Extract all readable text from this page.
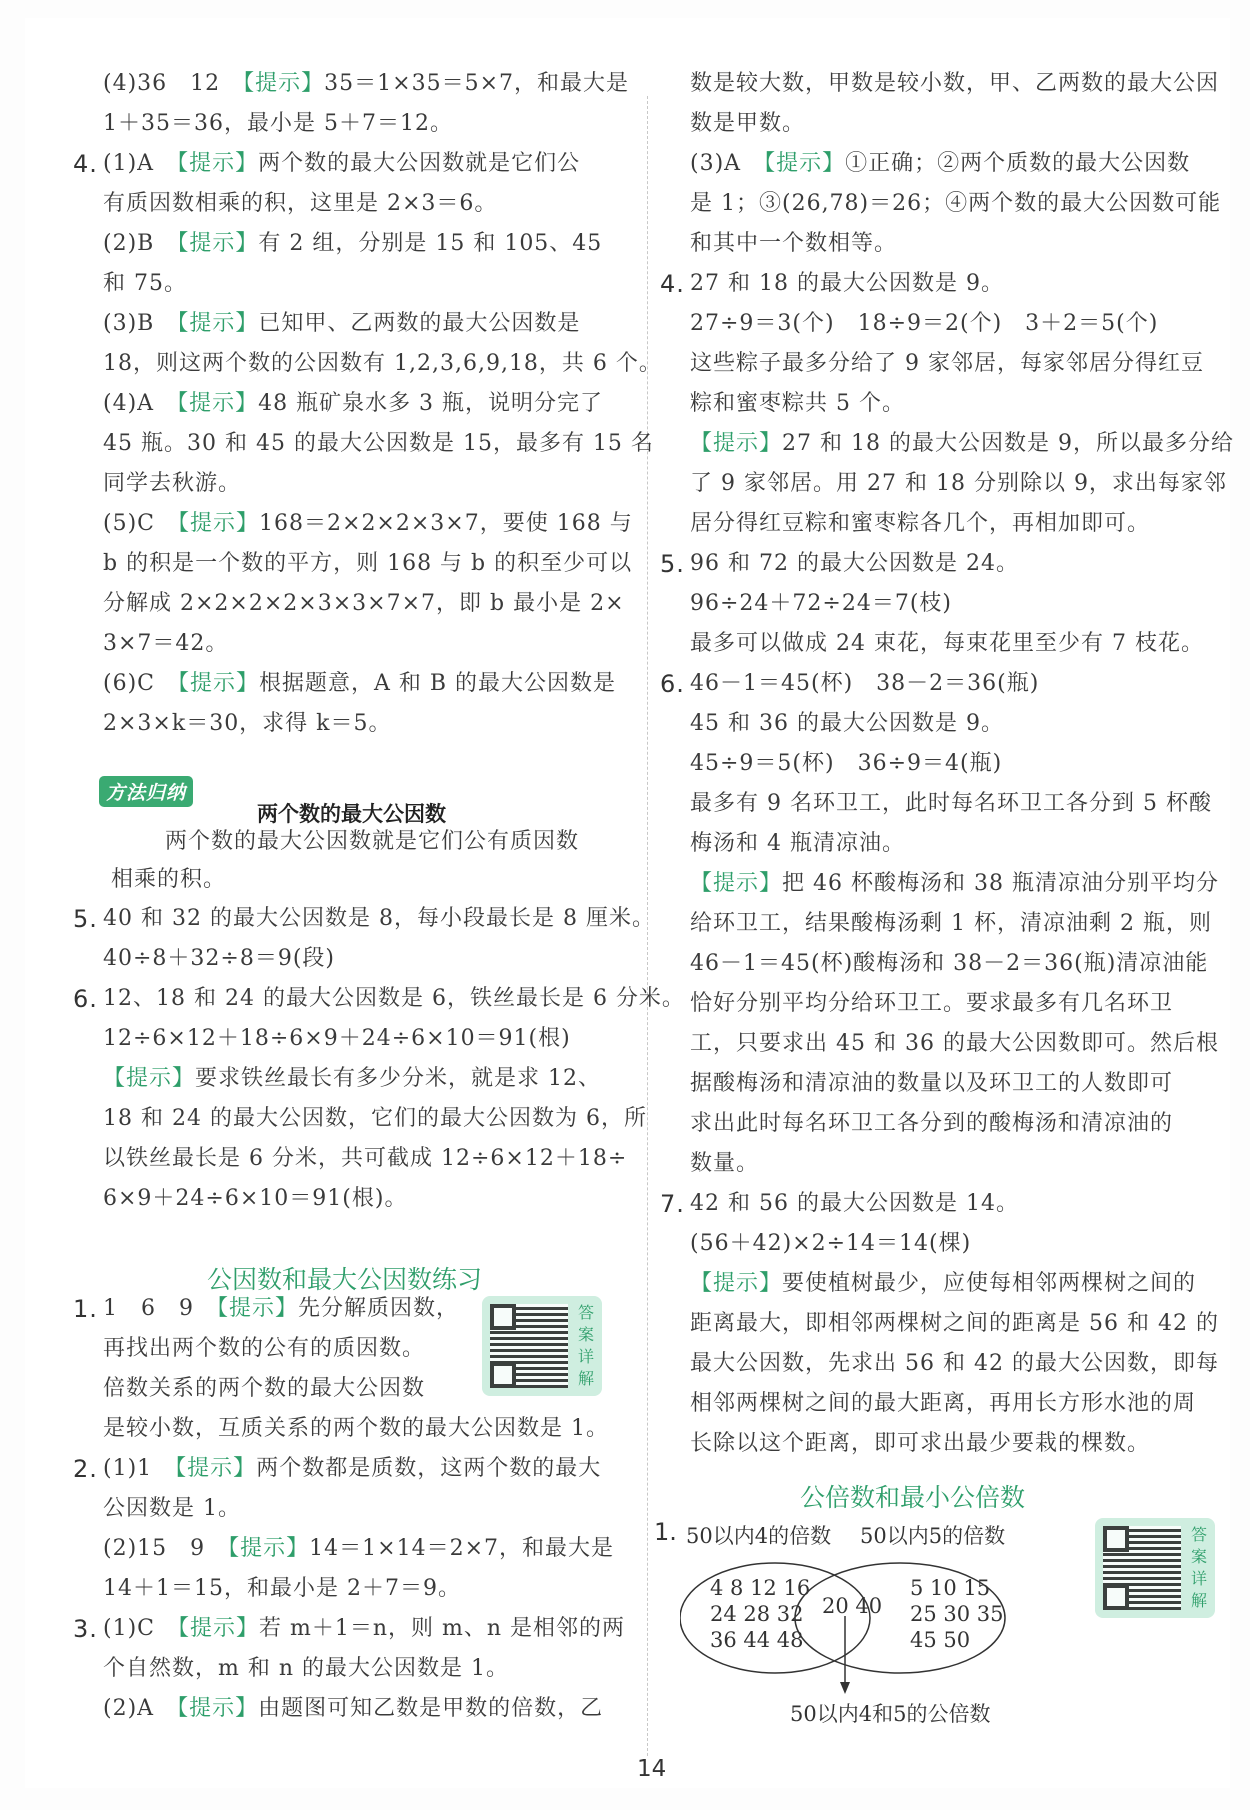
方法归纳
两个数的最大公因数
两个数的最大公因数就是它们公有质因数
相乘的积。
公因数和最大公因数练习
答案详解
(4)36　12　【提示】35＝1×35＝5×7，和最大是
1＋35＝36，最小是 5＋7＝12。
4. (1)A　【提示】两个数的最大公因数就是它们公
有质因数相乘的积，这里是 2×3＝6。
(2)B　【提示】有 2 组，分别是 15 和 105、45
和 75。
(3)B　【提示】已知甲、乙两数的最大公因数是
18，则这两个数的公因数有 1,2,3,6,9,18，共 6 个。
(4)A　【提示】48 瓶矿泉水多 3 瓶，说明分完了
45 瓶。30 和 45 的最大公因数是 15，最多有 15 名
同学去秋游。
(5)C　【提示】168＝2×2×2×3×7，要使 168 与
b 的积是一个数的平方，则 168 与 b 的积至少可以
分解成 2×2×2×2×3×3×7×7，即 b 最小是 2×
3×7＝42。
(6)C　【提示】根据题意，A 和 B 的最大公因数是
2×3×k＝30，求得 k＝5。
5. 40 和 32 的最大公因数是 8，每小段最长是 8 厘米。
40÷8＋32÷8＝9(段)
6. 12、18 和 24 的最大公因数是 6，铁丝最长是 6 分米。
12÷6×12＋18÷6×9＋24÷6×10＝91(根)
【提示】要求铁丝最长有多少分米，就是求 12、
18 和 24 的最大公因数，它们的最大公因数为 6，所
以铁丝最长是 6 分米，共可截成 12÷6×12＋18÷
6×9＋24÷6×10＝91(根)。
1. 1　6　9　【提示】先分解质因数，
再找出两个数的公有的质因数。
倍数关系的两个数的最大公因数
是较小数，互质关系的两个数的最大公因数是 1。
2. (1)1　【提示】两个数都是质数，这两个数的最大
公因数是 1。
(2)15　9　【提示】14＝1×14＝2×7，和最大是
14＋1＝15，和最小是 2＋7＝9。
3. (1)C　【提示】若 m＋1＝n，则 m、n 是相邻的两
个自然数，m 和 n 的最大公因数是 1。
(2)A　【提示】由题图可知乙数是甲数的倍数，乙
公倍数和最小公倍数
1. 50以内4的倍数 50以内5的倍数
4 8 12 16
24 28 32
36 44 48
20 40
5 10 15
25 30 35
45 50
50以内4和5的公倍数
答案详解
数是较大数，甲数是较小数，甲、乙两数的最大公因
数是甲数。
(3)A　【提示】①正确；②两个质数的最大公因数
是 1；③(26,78)＝26；④两个数的最大公因数可能
和其中一个数相等。
4. 27 和 18 的最大公因数是 9。
27÷9＝3(个)　18÷9＝2(个)　3＋2＝5(个)
这些粽子最多分给了 9 家邻居，每家邻居分得红豆
粽和蜜枣粽共 5 个。
【提示】27 和 18 的最大公因数是 9，所以最多分给
了 9 家邻居。用 27 和 18 分别除以 9，求出每家邻
居分得红豆粽和蜜枣粽各几个，再相加即可。
5. 96 和 72 的最大公因数是 24。
96÷24＋72÷24＝7(枝)
最多可以做成 24 束花，每束花里至少有 7 枝花。
6. 46－1＝45(杯)　38－2＝36(瓶)
45 和 36 的最大公因数是 9。
45÷9＝5(杯)　36÷9＝4(瓶)
最多有 9 名环卫工，此时每名环卫工各分到 5 杯酸
梅汤和 4 瓶清凉油。
【提示】把 46 杯酸梅汤和 38 瓶清凉油分别平均分
给环卫工，结果酸梅汤剩 1 杯，清凉油剩 2 瓶，则
46－1＝45(杯)酸梅汤和 38－2＝36(瓶)清凉油能
恰好分别平均分给环卫工。要求最多有几名环卫
工，只要求出 45 和 36 的最大公因数即可。然后根
据酸梅汤和清凉油的数量以及环卫工的人数即可
求出此时每名环卫工各分到的酸梅汤和清凉油的
数量。
7. 42 和 56 的最大公因数是 14。
(56＋42)×2÷14＝14(棵)
【提示】要使植树最少，应使每相邻两棵树之间的
距离最大，即相邻两棵树之间的距离是 56 和 42 的
最大公因数，先求出 56 和 42 的最大公因数，即每
相邻两棵树之间的最大距离，再用长方形水池的周
长除以这个距离，即可求出最少要栽的棵数。
14
